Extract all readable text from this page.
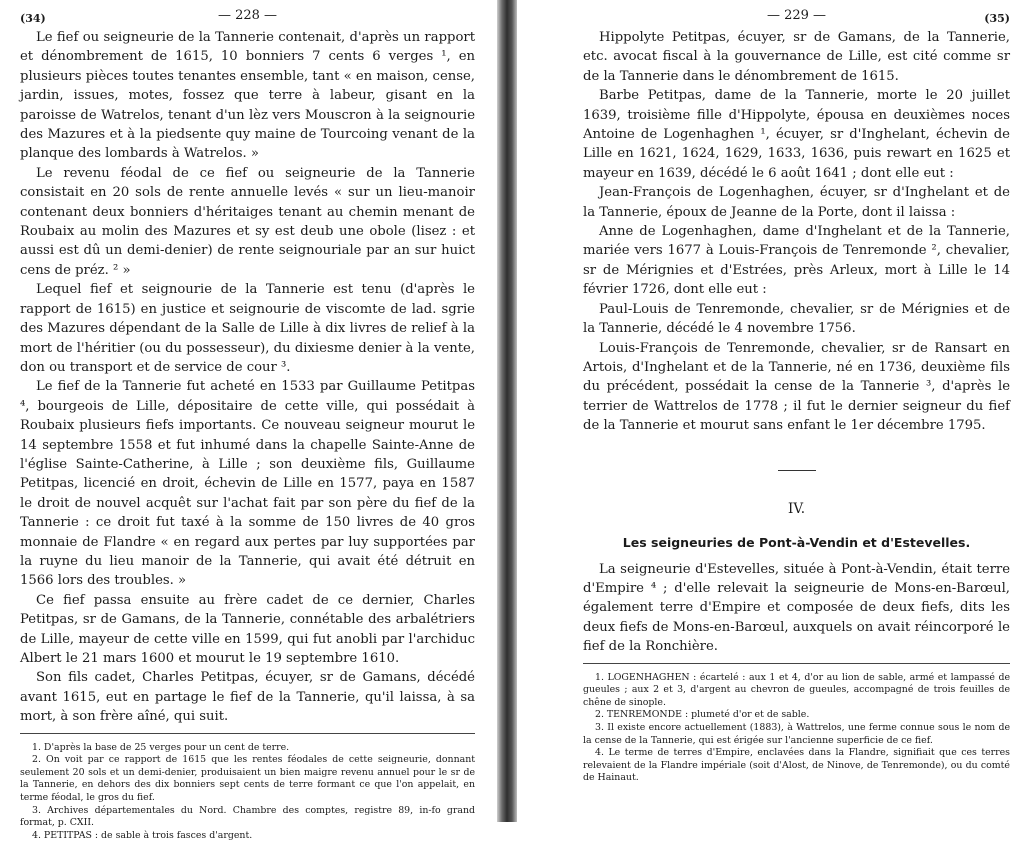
(34)	— 228 —

Le fief ou seigneurie de la Tannerie contenait, d'après un rapport et dénombrement de 1615, 10 bonniers 7 cents 6 verges ¹, en plusieurs pièces toutes tenantes ensemble, tant « en maison, cense, jardin, issues, motes, fossez que terre à labeur, gisant en la paroisse de Watrelos, tenant d'un lèz vers Mouscron à la seignourie des Mazures et à la piedsente quy maine de Tourcoing venant de la planque des lombards à Watrelos. »

Le revenu féodal de ce fief ou seigneurie de la Tannerie consistait en 20 sols de rente annuelle levés « sur un lieu-manoir contenant deux bonniers d'héritaiges tenant au chemin menant de Roubaix au molin des Mazures et sy est deub une obole (lisez : et aussi est dû un demi-denier) de rente seignouriale par an sur huict cens de préz. ² »

Lequel fief et seignourie de la Tannerie est tenu (d'après le rapport de 1615) en justice et seignourie de viscomte de lad. sgrie des Mazures dépendant de la Salle de Lille à dix livres de relief à la mort de l'héritier (ou du possesseur), du dixiesme denier à la vente, don ou transport et de service de cour ³.

Le fief de la Tannerie fut acheté en 1533 par Guillaume Petitpas ⁴, bourgeois de Lille, dépositaire de cette ville, qui possédait à Roubaix plusieurs fiefs importants. Ce nouveau seigneur mourut le 14 septembre 1558 et fut inhumé dans la chapelle Sainte-Anne de l'église Sainte-Catherine, à Lille ; son deuxième fils, Guillaume Petitpas, licencié en droit, échevin de Lille en 1577, paya en 1587 le droit de nouvel acquêt sur l'achat fait par son père du fief de la Tannerie : ce droit fut taxé à la somme de 150 livres de 40 gros monnaie de Flandre « en regard aux pertes par luy supportées par la ruyne du lieu manoir de la Tannerie, qui avait été détruit en 1566 lors des troubles. »

Ce fief passa ensuite au frère cadet de ce dernier, Charles Petitpas, sr de Gamans, de la Tannerie, connétable des arbalétriers de Lille, mayeur de cette ville en 1599, qui fut anobli par l'archiduc Albert le 21 mars 1600 et mourut le 19 septembre 1610.

Son fils cadet, Charles Petitpas, écuyer, sr de Gamans, décédé avant 1615, eut en partage le fief de la Tannerie, qu'il laissa, à sa mort, à son frère aîné, qui suit.

1. D'après la base de 25 verges pour un cent de terre.

2. On voit par ce rapport de 1615 que les rentes féodales de cette seigneurie, donnant seulement 20 sols et un demi-denier, produisaient un bien maigre revenu annuel pour le sr de la Tannerie, en dehors des dix bonniers sept cents de terre formant ce que l'on appelait, en terme féodal, le gros du fief.

3. Archives départementales du Nord. Chambre des comptes, registre 89, in-fo grand format, p. CXII.

4. PETITPAS : de sable à trois fasces d'argent.

— 229 —	(35)

Hippolyte Petitpas, écuyer, sr de Gamans, de la Tannerie, etc. avocat fiscal à la gouvernance de Lille, est cité comme sr de la Tannerie dans le dénombrement de 1615.

Barbe Petitpas, dame de la Tannerie, morte le 20 juillet 1639, troisième fille d'Hippolyte, épousa en deuxièmes noces Antoine de Logenhaghen ¹, écuyer, sr d'Inghelant, échevin de Lille en 1621, 1624, 1629, 1633, 1636, puis rewart en 1625 et mayeur en 1639, décédé le 6 août 1641 ; dont elle eut :

Jean-François de Logenhaghen, écuyer, sr d'Inghelant et de la Tannerie, époux de Jeanne de la Porte, dont il laissa :

Anne de Logenhaghen, dame d'Inghelant et de la Tannerie, mariée vers 1677 à Louis-François de Tenremonde ², chevalier, sr de Mérignies et d'Estrées, près Arleux, mort à Lille le 14 février 1726, dont elle eut :

Paul-Louis de Tenremonde, chevalier, sr de Mérignies et de la Tannerie, décédé le 4 novembre 1756.

Louis-François de Tenremonde, chevalier, sr de Ransart en Artois, d'Inghelant et de la Tannerie, né en 1736, deuxième fils du précédent, possédait la cense de la Tannerie ³, d'après le terrier de Wattrelos de 1778 ; il fut le dernier seigneur du fief de la Tannerie et mourut sans enfant le 1er décembre 1795.

IV.
Les seigneuries de Pont-à-Vendin et d'Estevelles.

La seigneurie d'Estevelles, située à Pont-à-Vendin, était terre d'Empire ⁴ ; d'elle relevait la seigneurie de Mons-en-Barœul, également terre d'Empire et composée de deux fiefs, dits les deux fiefs de Mons-en-Barœul, auxquels on avait réincorporé le fief de la Ronchière.

1. LOGENHAGHEN : écartelé : aux 1 et 4, d'or au lion de sable, armé et lampassé de gueules ; aux 2 et 3, d'argent au chevron de gueules, accompagné de trois feuilles de chêne de sinople.

2. TENREMONDE : plumeté d'or et de sable.

3. Il existe encore actuellement (1883), à Wattrelos, une ferme connue sous le nom de la cense de la Tannerie, qui est érigée sur l'ancienne superficie de ce fief.

4. Le terme de terres d'Empire, enclavées dans la Flandre, signifiait que ces terres relevaient de la Flandre impériale (soit d'Alost, de Ninove, de Tenremonde), ou du comté de Hainaut.
